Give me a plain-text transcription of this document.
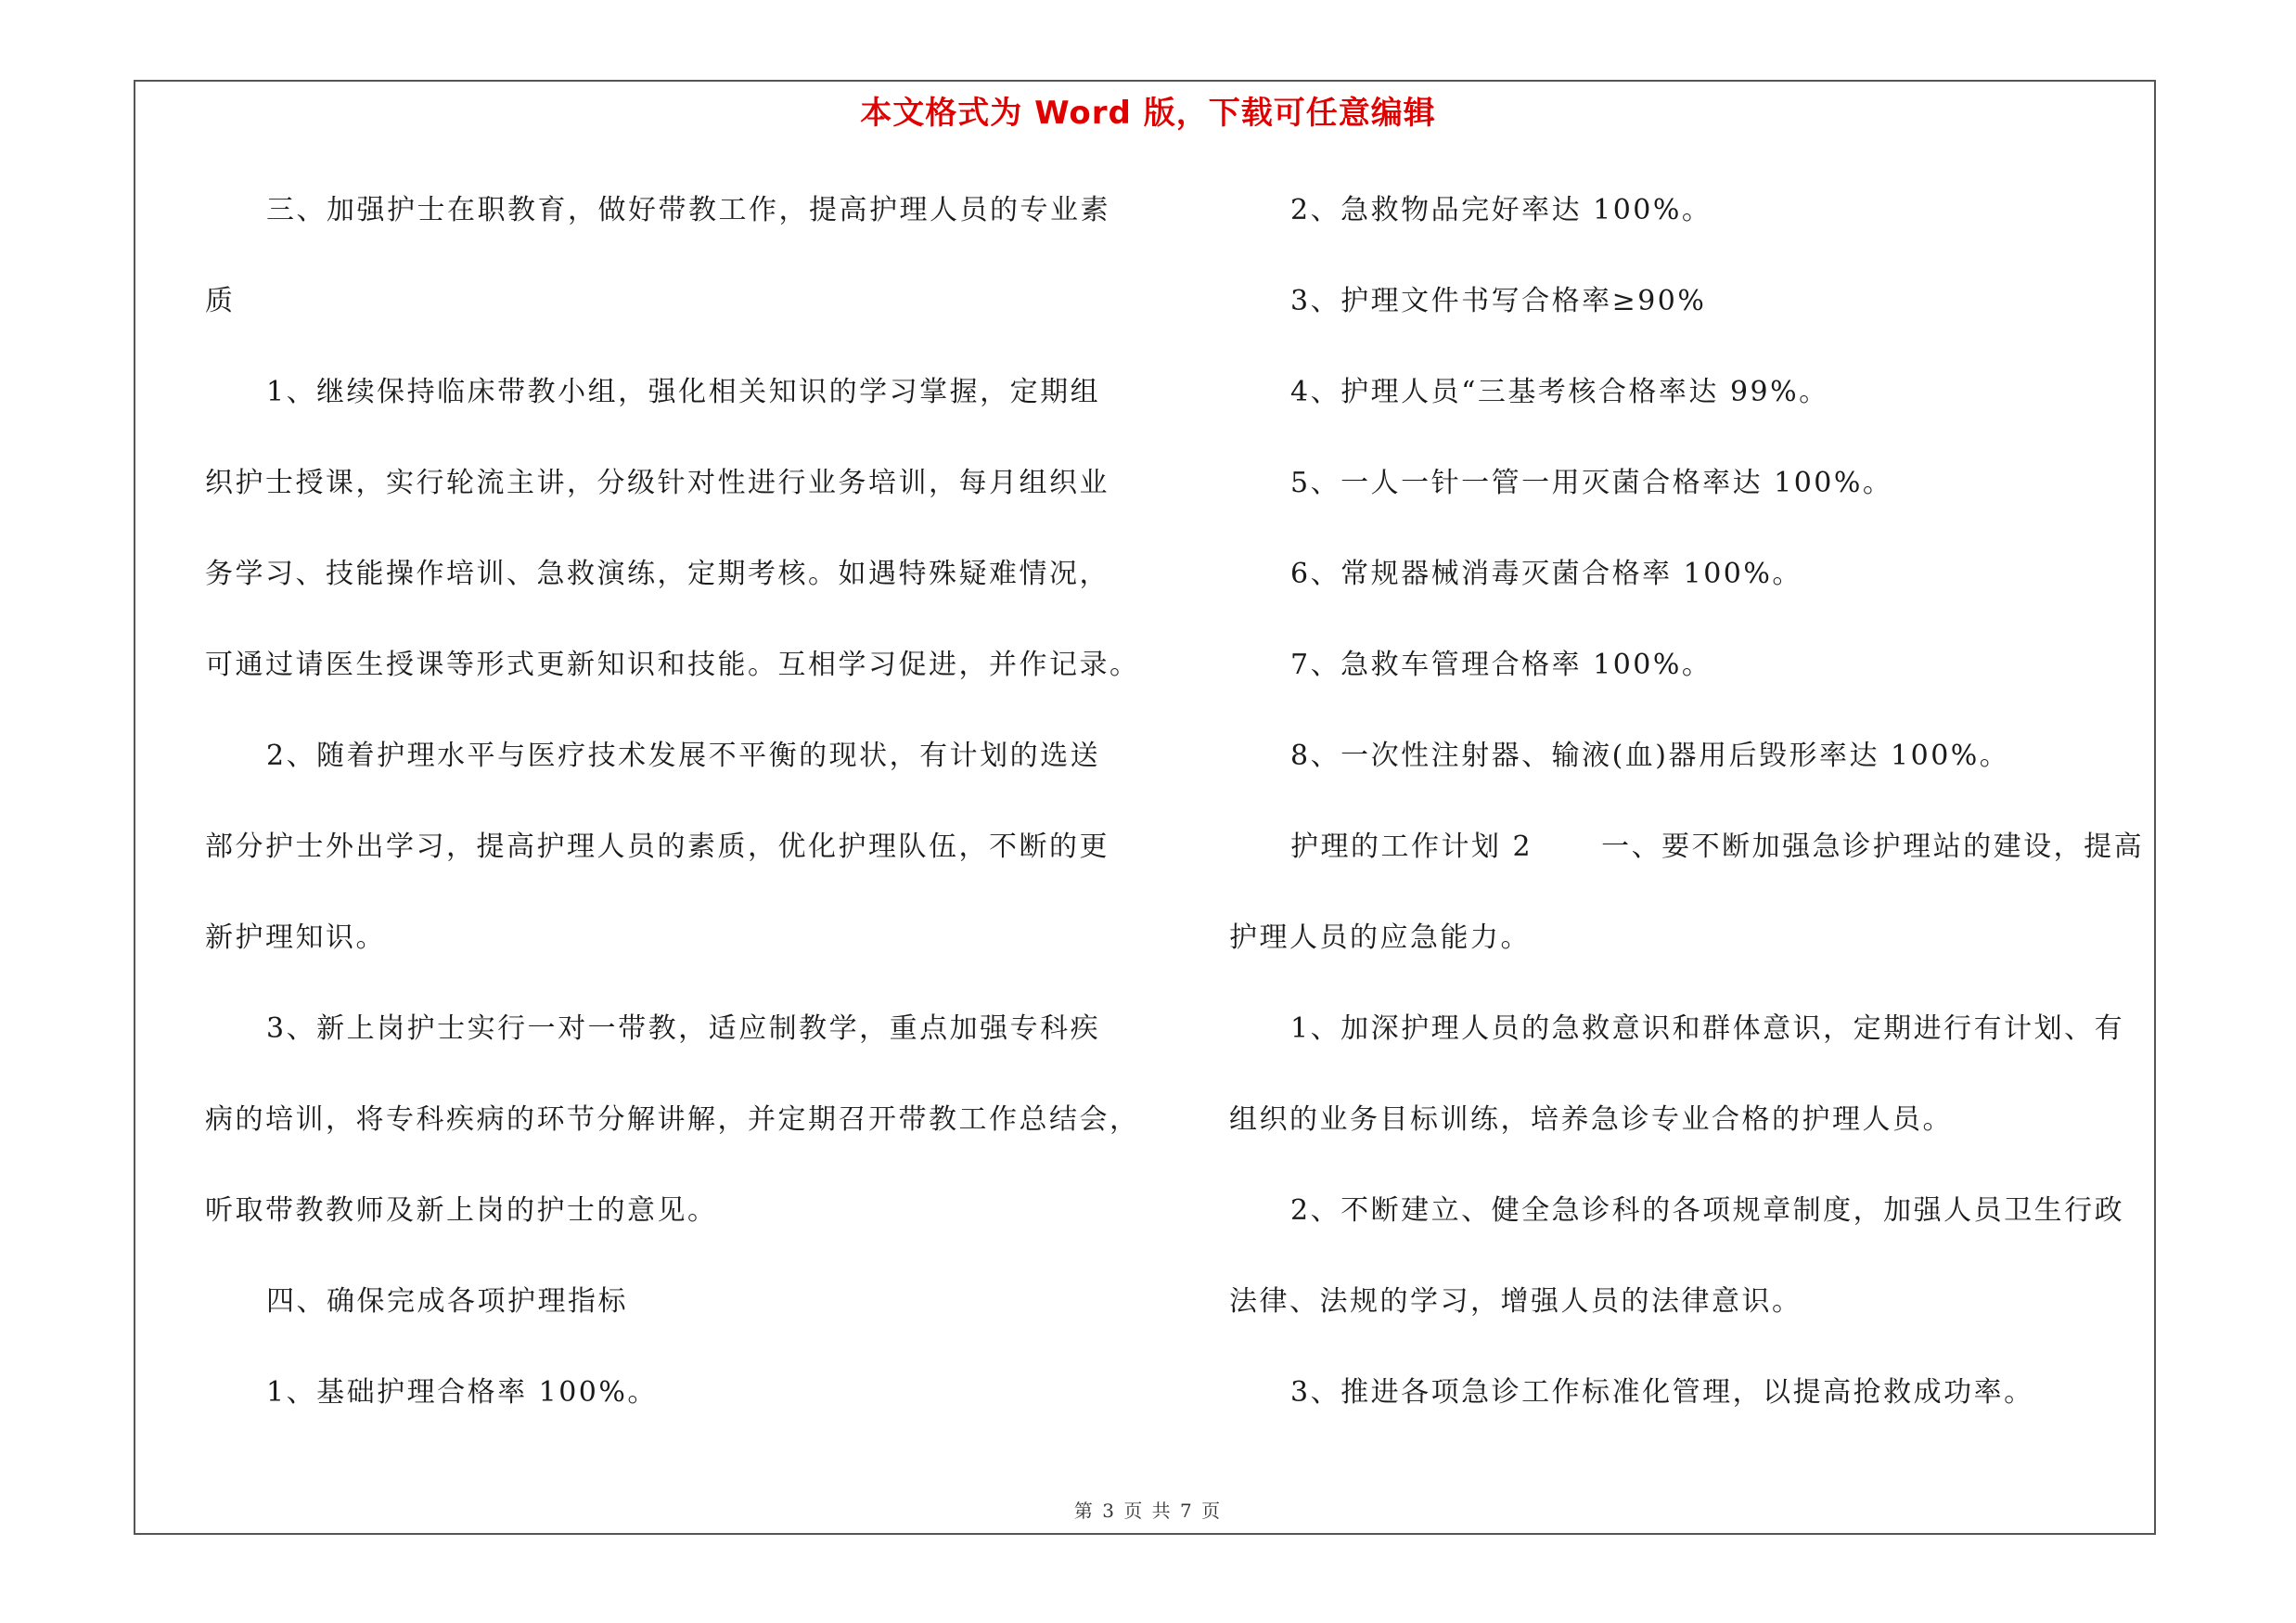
本文格式为 Word 版，下载可任意编辑
三、加强护士在职教育，做好带教工作，提高护理人员的专业素
质
1、继续保持临床带教小组，强化相关知识的学习掌握，定期组
织护士授课，实行轮流主讲，分级针对性进行业务培训，每月组织业
务学习、技能操作培训、急救演练，定期考核。如遇特殊疑难情况，
可通过请医生授课等形式更新知识和技能。互相学习促进，并作记录。
2、随着护理水平与医疗技术发展不平衡的现状，有计划的选送
部分护士外出学习，提高护理人员的素质，优化护理队伍，不断的更
新护理知识。
3、新上岗护士实行一对一带教，适应制教学，重点加强专科疾
病的培训，将专科疾病的环节分解讲解，并定期召开带教工作总结会，
听取带教教师及新上岗的护士的意见。
四、确保完成各项护理指标
1、基础护理合格率 100%。
2、急救物品完好率达 100%。
3、护理文件书写合格率≥90%
4、护理人员“三基考核合格率达 99%。
5、一人一针一管一用灭菌合格率达 100%。
6、常规器械消毒灭菌合格率 100%。
7、急救车管理合格率 100%。
8、一次性注射器、输液(血)器用后毁形率达 100%。
护理的工作计划 2 一、要不断加强急诊护理站的建设，提高
护理人员的应急能力。
1、加深护理人员的急救意识和群体意识，定期进行有计划、有
组织的业务目标训练，培养急诊专业合格的护理人员。
2、不断建立、健全急诊科的各项规章制度，加强人员卫生行政
法律、法规的学习，增强人员的法律意识。
3、推进各项急诊工作标准化管理，以提高抢救成功率。
第 3 页 共 7 页
